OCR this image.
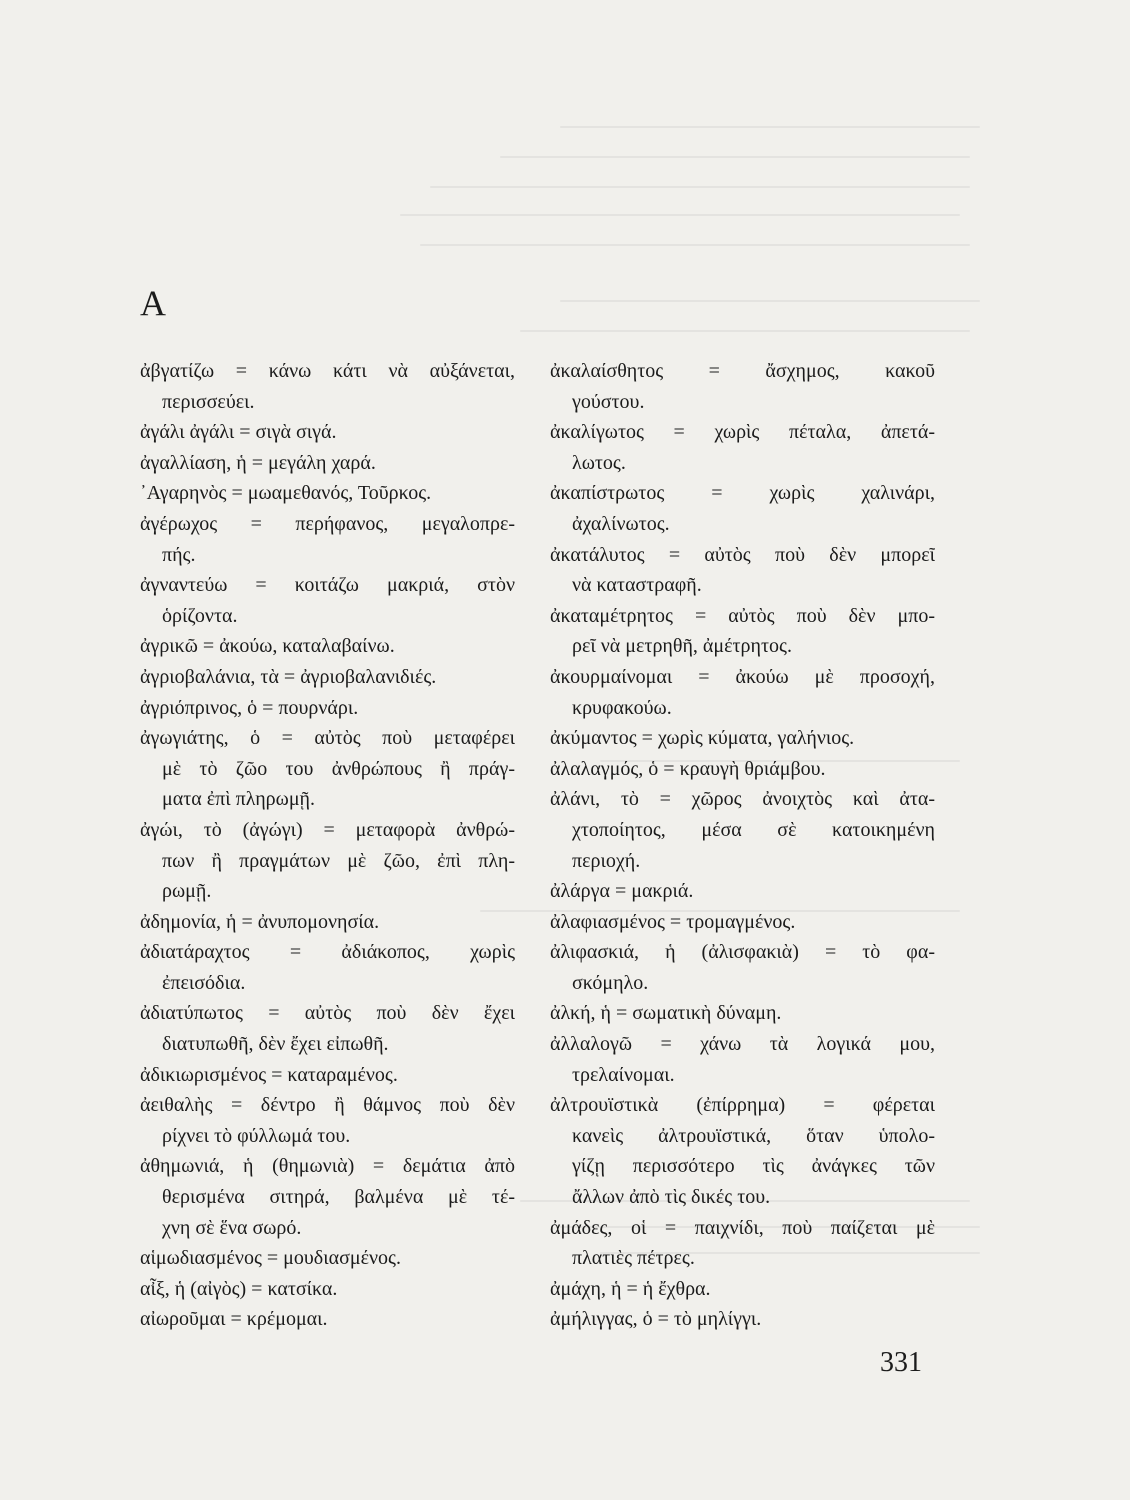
Α
ἀβγατίζω = κάνω κάτι νὰ αὐξάνεται,
περισσεύει.
ἀγάλι ἀγάλι = σιγὰ σιγά.
ἀγαλλίαση, ἡ = μεγάλη χαρά.
᾿Αγαρηνὸς = μωαμεθανός, Τοῦρκος.
ἀγέρωχος = περήφανος, μεγαλοπρε-
πής.
ἀγναντεύω = κοιτάζω μακριά, στὸν
ὁρίζοντα.
ἀγρικῶ = ἀκούω, καταλαβαίνω.
ἀγριοβαλάνια, τὰ = ἀγριοβαλανιδιές.
ἀγριόπρινος, ὁ = πουρνάρι.
ἀγωγιάτης, ὁ = αὐτὸς ποὺ μεταφέρει
μὲ τὸ ζῶο του ἀνθρώπους ἢ πράγ-
ματα ἐπὶ πληρωμῇ.
ἀγώι, τὸ (ἀγώγι) = μεταφορὰ ἀνθρώ-
πων ἢ πραγμάτων μὲ ζῶο, ἐπὶ πλη-
ρωμῇ.
ἀδημονία, ἡ = ἀνυπομονησία.
ἀδιατάραχτος = ἀδιάκοπος, χωρὶς
ἐπεισόδια.
ἀδιατύπωτος = αὐτὸς ποὺ δὲν ἔχει
διατυπωθῆ, δὲν ἔχει εἰπωθῆ.
ἀδικιωρισμένος = καταραμένος.
ἀειθαλὴς = δέντρο ἢ θάμνος ποὺ δὲν
ρίχνει τὸ φύλλωμά του.
ἀθημωνιά, ἡ (θημωνιὰ) = δεμάτια ἀπὸ
θερισμένα σιτηρά, βαλμένα μὲ τέ-
χνη σὲ ἕνα σωρό.
αἱμωδιασμένος = μουδιασμένος.
αἶξ, ἡ (αἰγὸς) = κατσίκα.
αἰωροῦμαι = κρέμομαι.
ἀκαλαίσθητος = ἄσχημος, κακοῦ
γούστου.
ἀκαλίγωτος = χωρὶς πέταλα, ἀπετά-
λωτος.
ἀκαπίστρωτος = χωρὶς χαλινάρι,
ἀχαλίνωτος.
ἀκατάλυτος = αὐτὸς ποὺ δὲν μπορεῖ
νὰ καταστραφῆ.
ἀκαταμέτρητος = αὐτὸς ποὺ δὲν μπο-
ρεῖ νὰ μετρηθῆ, ἀμέτρητος.
ἀκουρμαίνομαι = ἀκούω μὲ προσοχή,
κρυφακούω.
ἀκύμαντος = χωρὶς κύματα, γαλήνιος.
ἀλαλαγμός, ὁ = κραυγὴ θριάμβου.
ἀλάνι, τὸ = χῶρος ἀνοιχτὸς καὶ ἀτα-
χτοποίητος, μέσα σὲ κατοικημένη
περιοχή.
ἀλάργα = μακριά.
ἀλαφιασμένος = τρομαγμένος.
ἀλιφασκιά, ἡ (ἀλισφακιὰ) = τὸ φα-
σκόμηλο.
ἀλκή, ἡ = σωματικὴ δύναμη.
ἀλλαλογῶ = χάνω τὰ λογικά μου,
τρελαίνομαι.
ἀλτρουϊστικὰ (ἐπίρρημα) = φέρεται
κανεὶς ἀλτρουϊστικά, ὅταν ὑπολο-
γίζῃ περισσότερο τὶς ἀνάγκες τῶν
ἄλλων ἀπὸ τὶς δικές του.
ἀμάδες, οἱ = παιχνίδι, ποὺ παίζεται μὲ
πλατιὲς πέτρες.
ἀμάχη, ἡ = ἡ ἔχθρα.
ἀμήλιγγας, ὁ = τὸ μηλίγγι.
331
